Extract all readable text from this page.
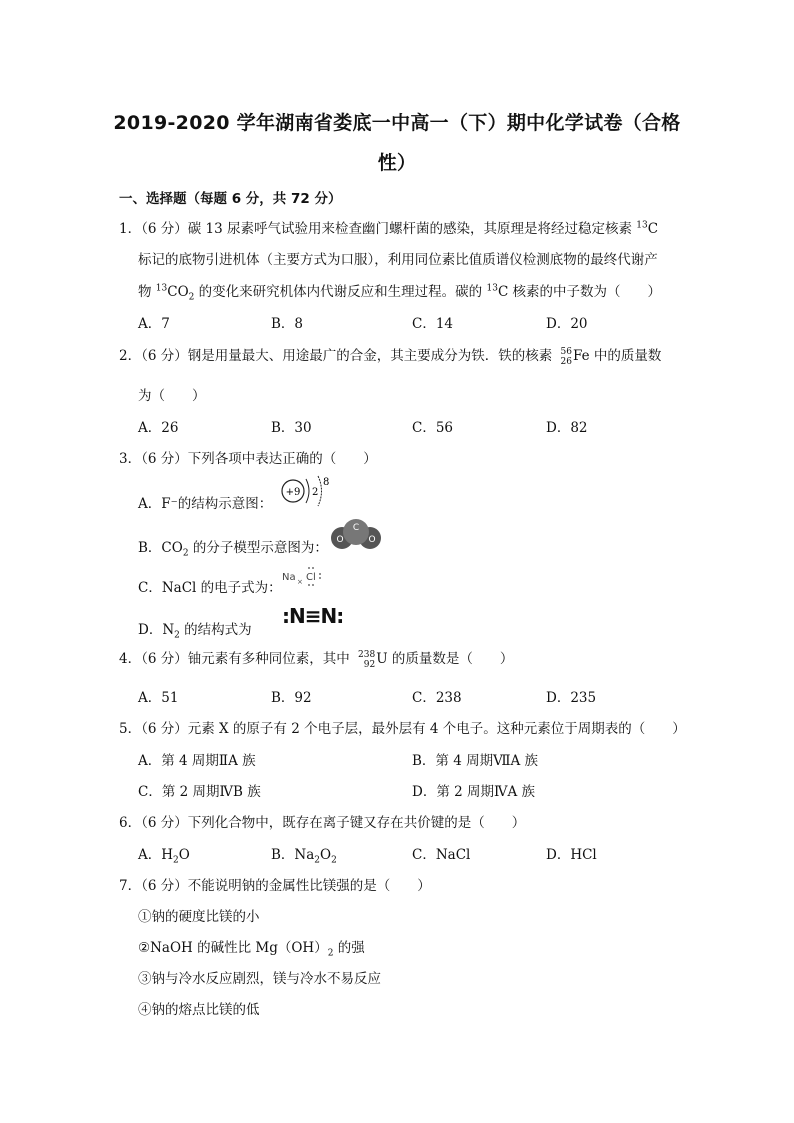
2019-2020 学年湖南省娄底一中高一（下）期中化学试卷（合格
性）
一、选择题（每题 6 分，共 72 分）
1．（6 分）碳 13 尿素呼气试验用来检查幽门螺杆菌的感染，其原理是将经过稳定核素 $^{13}$C
标记的底物引进机体（主要方式为口服），利用同位素比值质谱仪检测底物的最终代谢产
物 $^{13}CO_2$ 的变化来研究机体内代谢反应和生理过程。碳的 $^{13}$C 核素的中子数为（　　）
A．7	B．8	C．14	D．20
2．（6 分）钢是用量最大、用途最广的合金，其主要成分为铁．铁的核素 56
26 Fe 中的质量数
为（　　）
A．26	B．30	C．56	D．82
3．（6 分）下列各项中表达正确的（　　）
A．F⁻的结构示意图：
+9 2
8
B．$CO_2$ 的分子模型示意图为： O
C
O
C．NaCl 的电子式为：
Na × Cl
D．$N_2$ 的结构式为
:N≡N:
4．（6 分）铀元素有多种同位素，其中 238
92 U 的质量数是（　　）
A．51	B．92	C．238	D．235
5．（6 分）元素 X 的原子有 2 个电子层，最外层有 4 个电子。这种元素位于周期表的（　　）
A．第 4 周期ⅡA 族	B．第 4 周期ⅦA 族
C．第 2 周期ⅣB 族	D．第 2 周期ⅣA 族
6．（6 分）下列化合物中，既存在离子键又存在共价键的是（　　）
A．$H_2O$	B．$Na_2O_2$	C．NaCl	D．HCl
7．（6 分）不能说明钠的金属性比镁强的是（　　）
①钠的硬度比镁的小
②NaOH 的碱性比 $Mg(OH)_2$ 的强
③钠与冷水反应剧烈，镁与冷水不易反应
④钠的熔点比镁的低
